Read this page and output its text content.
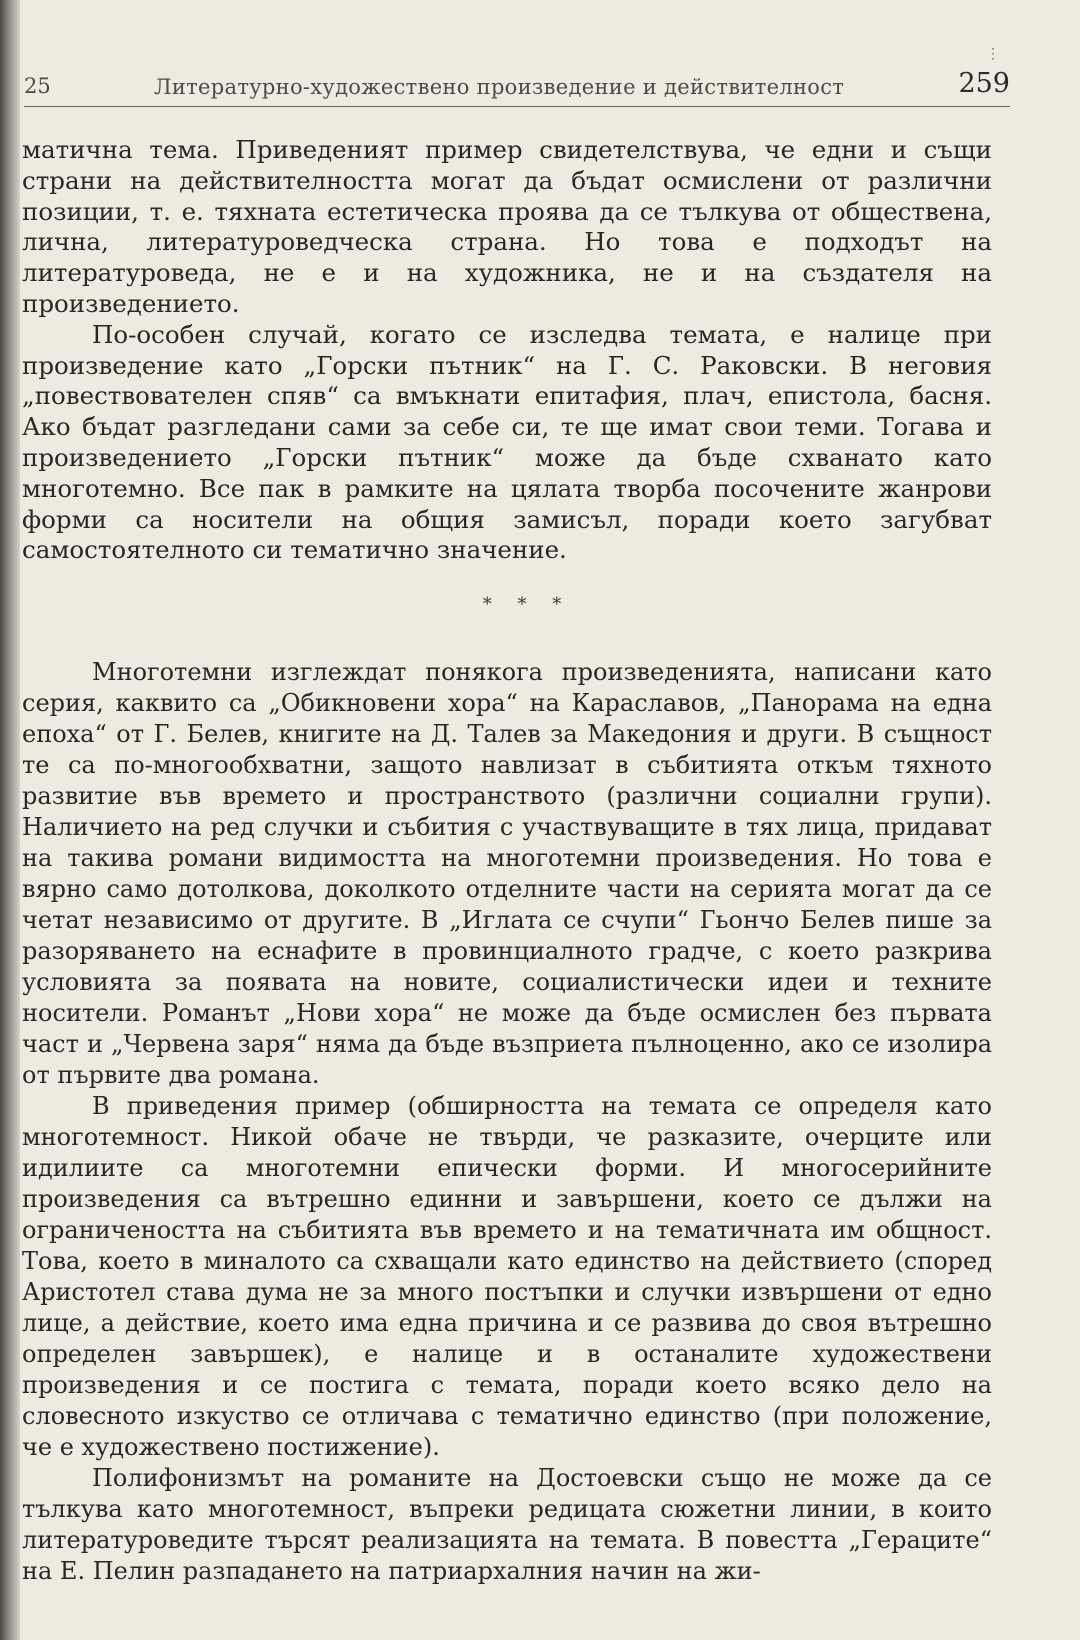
⋮
25	Литературно-художествено произведение и действителност	259

матична тема. Приведеният пример свидетелствува, че едни и същи страни на действителността могат да бъдат осмислени от различни позиции, т. е. тяхната естетическа проява да се тълкува от обществена, лична, литературоведческа страна. Но това е подходът на литературоведа, не е и на художника, не и на създателя на произведението.

По-особен случай, когато се изследва темата, е налице при произведение като „Горски пътник“ на Г. С. Раковски. В неговия „повествователен спяв“ са вмъкнати епитафия, плач, епистола, басня. Ако бъдат разгледани сами за себе си, те ще имат свои теми. Тогава и произведението „Горски пътник“ може да бъде схванато като многотемно. Все пак в рамките на цялата творба посочените жанрови форми са носители на общия замисъл, поради което загубват самостоятелното си тематично значение.

* * *

Многотемни изглеждат понякога произведенията, написани като серия, каквито са „Обикновени хора“ на Караславов, „Панорама на една епоха“ от Г. Белев, книгите на Д. Талев за Македония и други. В същност те са по-многообхватни, защото навлизат в събитията откъм тяхното развитие във времето и пространството (различни социални групи). Наличието на ред случки и събития с участвуващите в тях лица, придават на такива романи видимостта на многотемни произведения. Но това е вярно само дотолкова, доколкото отделните части на серията могат да се четат независимо от другите. В „Иглата се счупи“ Гьончо Белев пише за разоряването на еснафите в провинциалното градче, с което разкрива условията за появата на новите, социалистически идеи и техните носители. Романът „Нови хора“ не може да бъде осмислен без първата част и „Червена заря“ няма да бъде възприета пълноценно, ако се изолира от първите два романа.

В приведения пример (обширността на темата се определя като многотемност. Никой обаче не твърди, че разказите, очерците или идилиите са многотемни епически форми. И многосерийните произведения са вътрешно единни и завършени, което се дължи на ограничеността на събитията във времето и на тематичната им общност. Това, което в миналото са схващали като единство на действието (според Аристотел става дума не за много постъпки и случки извършени от едно лице, а действие, което има една причина и се развива до своя вътрешно определен завършек), е налице и в останалите художествени произведения и се постига с темата, поради което всяко дело на словесното изкуство се отличава с тематично единство (при положение, че е художествено постижение).

Полифонизмът на романите на Достоевски също не може да се тълкува като многотемност, въпреки редицата сюжетни линии, в които литературоведите търсят реализацията на темата. В повестта „Гераците“ на Е. Пелин разпадането на патриархалния начин на жи-
